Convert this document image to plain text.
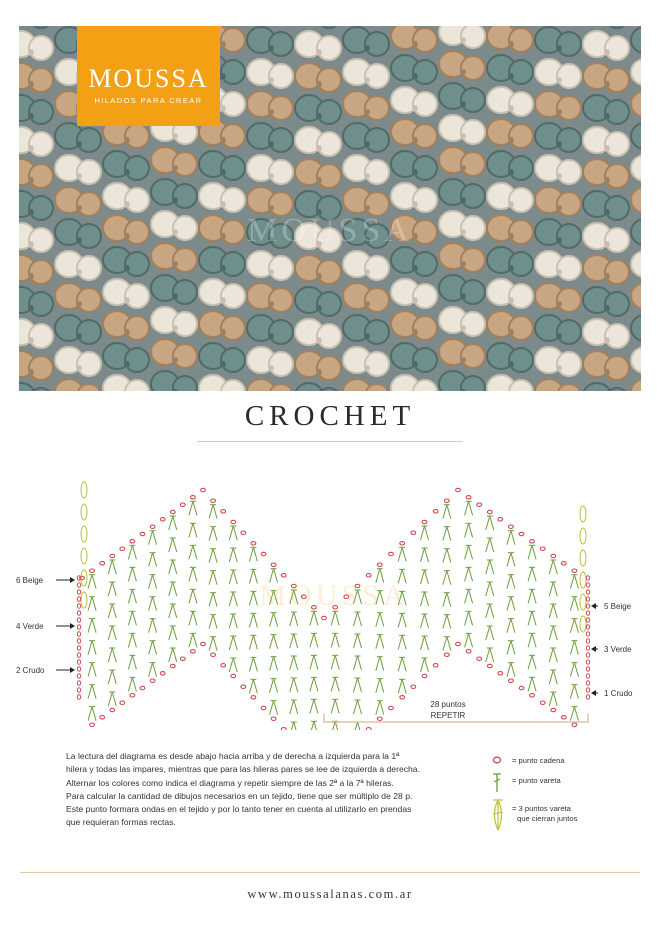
MOUSSA
MOUSSA
HILADOS PARA CREAR
CROCHET
MOUSSA
6 Beige
4 Verde
2 Crudo
5 Beige
3 Verde
1 Crudo
28 puntos
REPETIR

La lectura del diagrama es desde abajo hacia arriba y de derecha a izquierda para la 1ª

hilera y todas las impares, mientras que para las hileras pares se lee de izquierda a derecha.

Alternar los colores como indica el diagrama y repetir siempre de las 2ª a la 7ª hileras.

Para calcular la cantidad de dibujos necesarios en un tejido, tiene que ser múltiplo de 28 p.

Este punto formara ondas en el tejido y por lo tanto tener en cuenta al utilizarlo en prendas

que requieran formas rectas.

= punto cadena
= punto vareta
= 3 puntos vareta
que cierran juntos
www.moussalanas.com.ar
